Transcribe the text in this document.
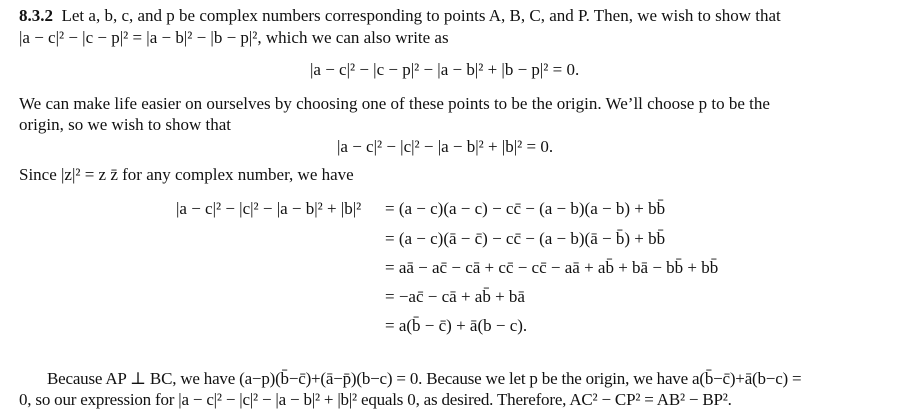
8.3.2 Let a, b, c, and p be complex numbers corresponding to points A, B, C, and P. Then, we wish to show that
|a − c|² − |c − p|² = |a − b|² − |b − p|², which we can also write as
|a − c|² − |c − p|² − |a − b|² + |b − p|² = 0.
We can make life easier on ourselves by choosing one of these points to be the origin. We’ll choose p to be the
origin, so we wish to show that
|a − c|² − |c|² − |a − b|² + |b|² = 0.
Since |z|² = z z̄ for any complex number, we have
|a − c|² − |c|² − |a − b|² + |b|² = (a − c)(a − c) − cc̄ − (a − b)(a − b) + bb̄
= (a − c)(ā − c̄) − cc̄ − (a − b)(ā − b̄) + bb̄
= aā − ac̄ − cā + cc̄ − cc̄ − aā + ab̄ + bā − bb̄ + bb̄
= −ac̄ − cā + ab̄ + bā
= a(b̄ − c̄) + ā(b − c).
Because AP ⊥ BC, we have (a−p)(b̄−c̄)+(ā−p̄)(b−c) = 0. Because we let p be the origin, we have a(b̄−c̄)+ā(b−c) =
0, so our expression for |a − c|² − |c|² − |a − b|² + |b|² equals 0, as desired. Therefore, AC² − CP² = AB² − BP².
